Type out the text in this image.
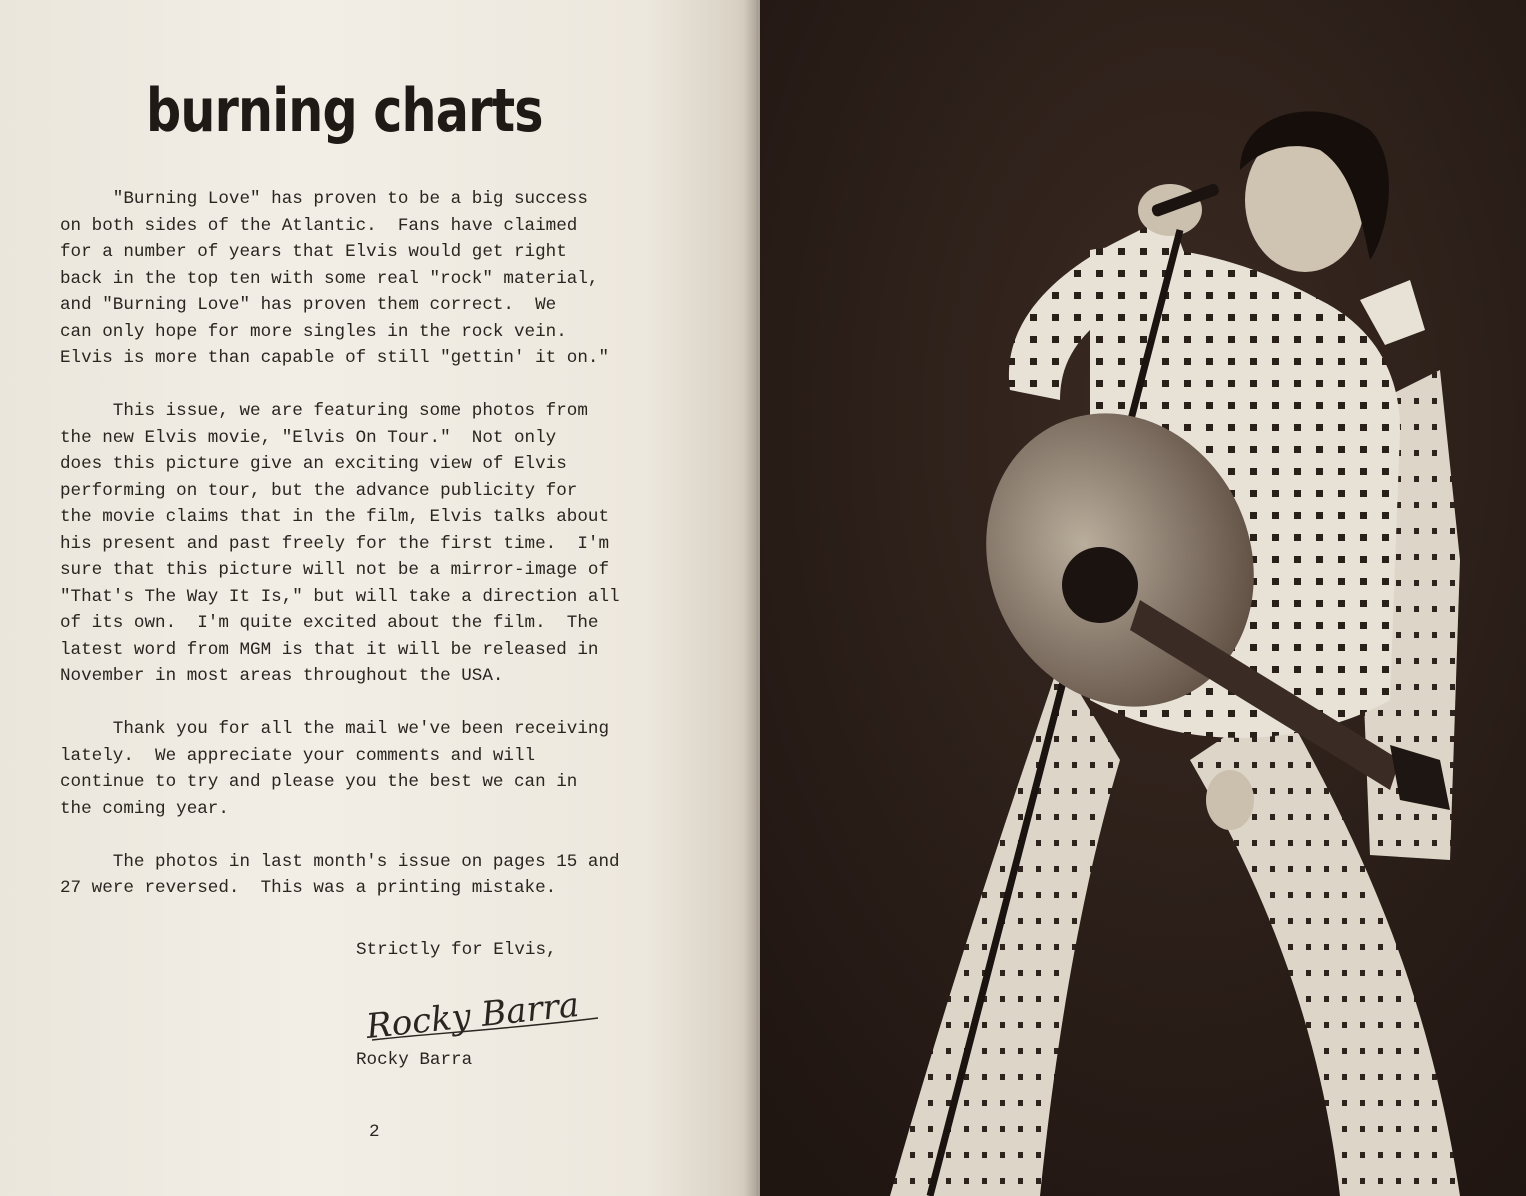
burning charts
"Burning Love" has proven to be a big success
on both sides of the Atlantic.  Fans have claimed
for a number of years that Elvis would get right
back in the top ten with some real "rock" material,
and "Burning Love" has proven them correct.  We
can only hope for more singles in the rock vein.
Elvis is more than capable of still "gettin' it on."
This issue, we are featuring some photos from
the new Elvis movie, "Elvis On Tour."  Not only
does this picture give an exciting view of Elvis
performing on tour, but the advance publicity for
the movie claims that in the film, Elvis talks about
his present and past freely for the first time.  I'm
sure that this picture will not be a mirror-image of
"That's The Way It Is," but will take a direction all
of its own.  I'm quite excited about the film.  The
latest word from MGM is that it will be released in
November in most areas throughout the USA.
Thank you for all the mail we've been receiving
lately.  We appreciate your comments and will
continue to try and please you the best we can in
the coming year.
The photos in last month's issue on pages 15 and
27 were reversed.  This was a printing mistake.
Strictly for Elvis,
Rocky Barra
Rocky Barra
2
